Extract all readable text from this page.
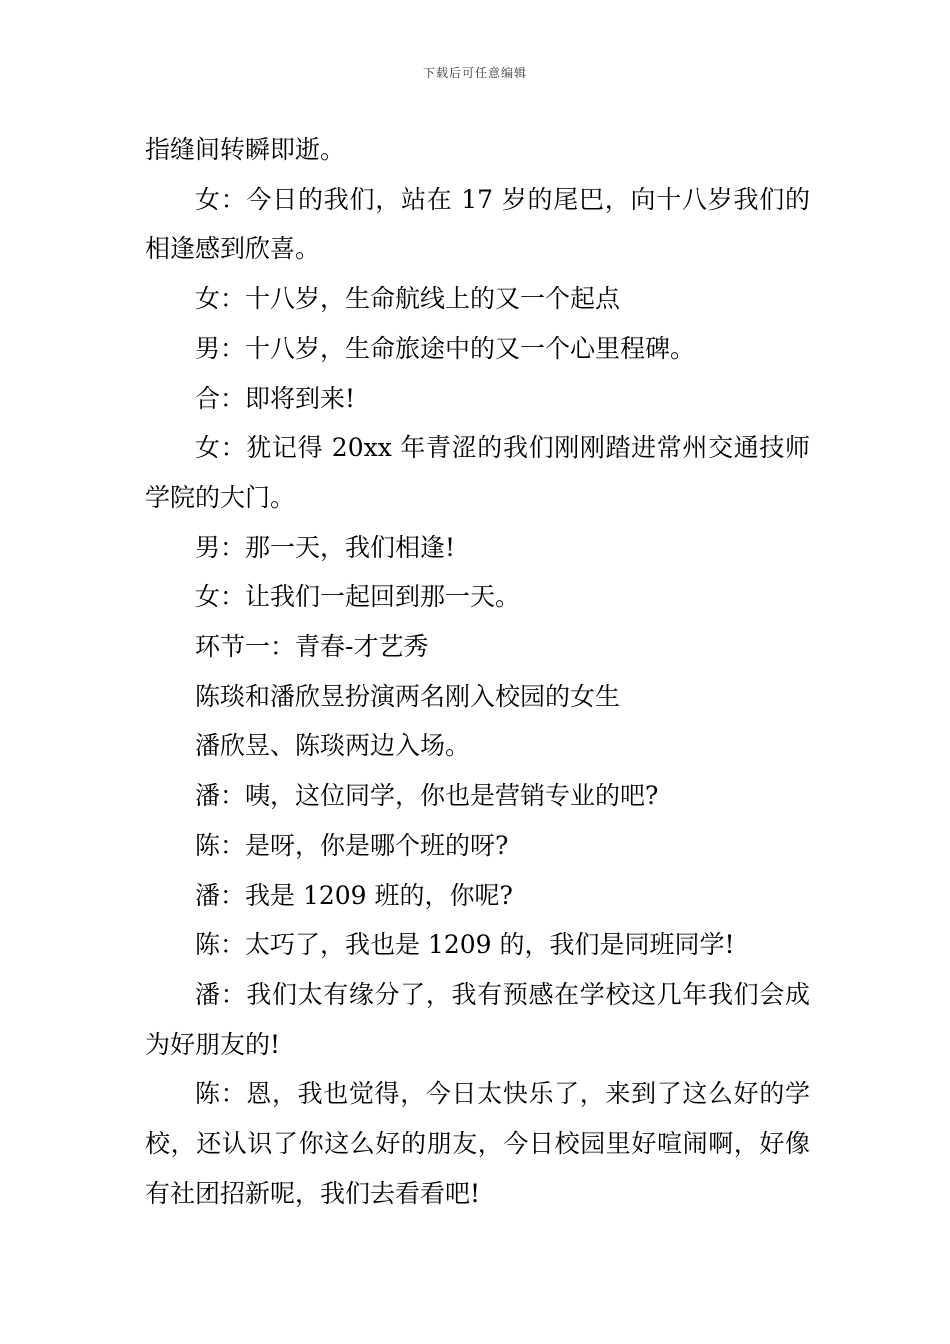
下载后可任意编辑

指缝间转瞬即逝。

女：今日的我们，站在 17 岁的尾巴，向十八岁我们的相逢感到欣喜。

女：十八岁，生命航线上的又一个起点

男：十八岁，生命旅途中的又一个心里程碑。

合：即将到来!

女：犹记得 20xx 年青涩的我们刚刚踏进常州交通技师学院的大门。

男：那一天，我们相逢!

女：让我们一起回到那一天。

环节一：青春-才艺秀

陈琰和潘欣昱扮演两名刚入校园的女生

潘欣昱、陈琰两边入场。

潘：咦，这位同学，你也是营销专业的吧?

陈：是呀，你是哪个班的呀?

潘：我是 1209 班的，你呢?

陈：太巧了，我也是 1209 的，我们是同班同学!

潘：我们太有缘分了，我有预感在学校这几年我们会成为好朋友的!

陈：恩，我也觉得，今日太快乐了，来到了这么好的学校，还认识了你这么好的朋友，今日校园里好喧闹啊，好像有社团招新呢，我们去看看吧!
